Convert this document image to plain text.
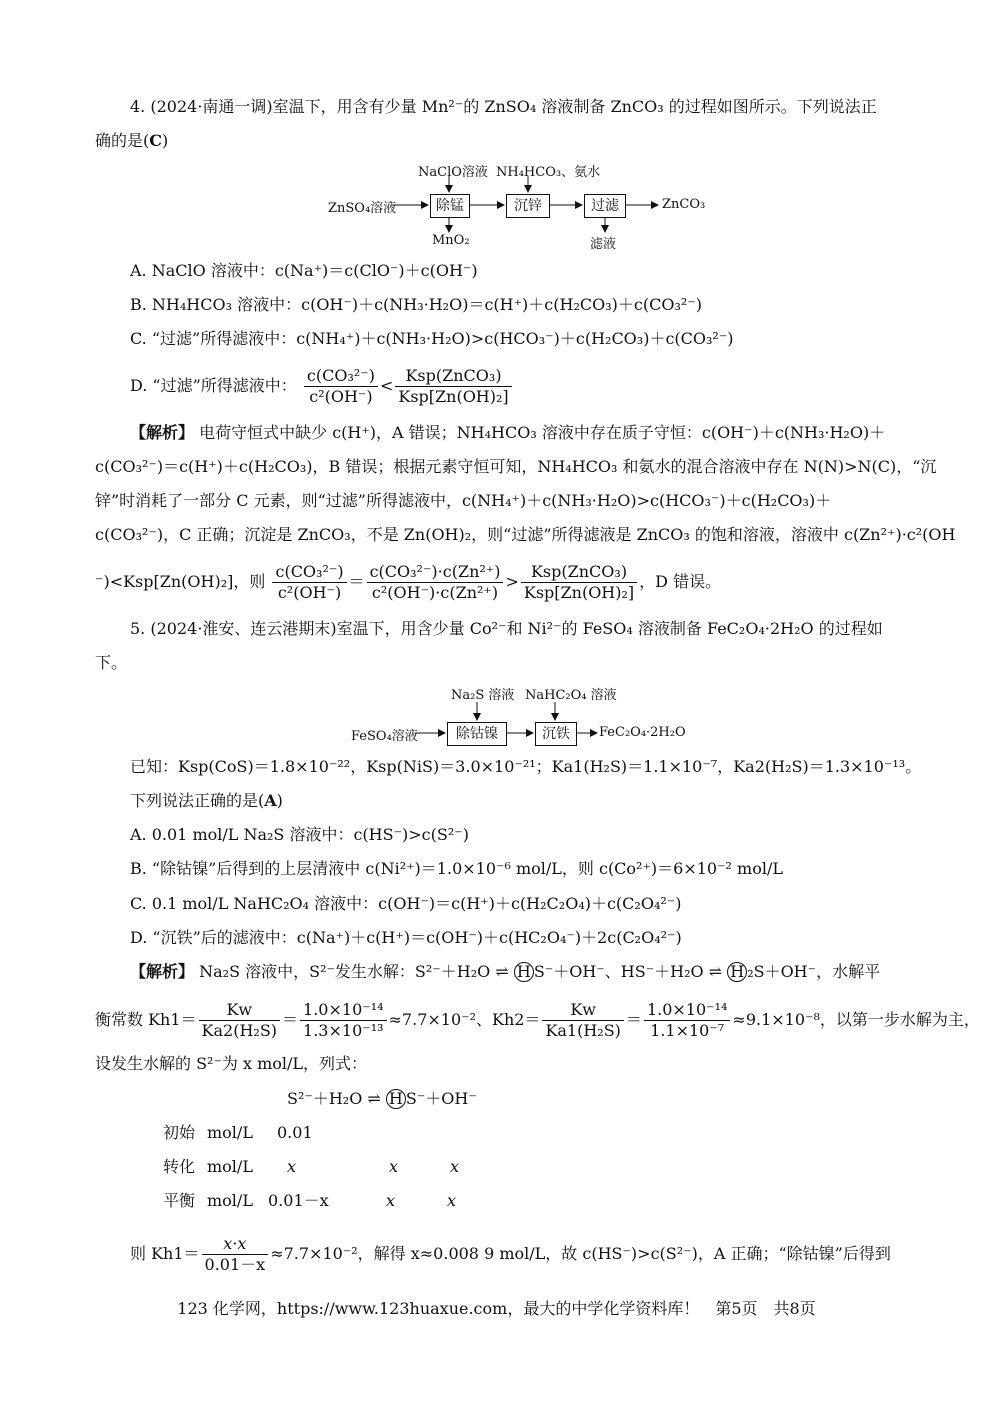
4. (2024·南通一调)室温下，用含有少量 Mn²⁻的 ZnSO₄ 溶液制备 ZnCO₃ 的过程如图所示。下列说法正
确的是(C)
ZnSO₄溶液
NaClO溶液 NH₄HCO₃、氨水
除锰	沉锌	过滤	ZnCO₃
MnO₂	滤液
A. NaClO 溶液中：c(Na⁺)＝c(ClO⁻)＋c(OH⁻)
B. NH₄HCO₃ 溶液中：c(OH⁻)＋c(NH₃·H₂O)＝c(H⁺)＋c(H₂CO₃)＋c(CO₃²⁻)
C. “过滤”所得滤液中：c(NH₄⁺)＋c(NH₃·H₂O)>c(HCO₃⁻)＋c(H₂CO₃)＋c(CO₃²⁻)
D. “过滤”所得滤液中： $\frac{\text{c(CO₃²⁻)}}{\text{c²(OH⁻)}} < \frac{\text{Ksp(ZnCO₃)}}{\text{Ksp[Zn(OH)₂]}}$
【解析】 电荷守恒式中缺少 c(H⁺)，A 错误；NH₄HCO₃ 溶液中存在质子守恒：c(OH⁻)＋c(NH₃·H₂O)＋
c(CO₃²⁻)＝c(H⁺)＋c(H₂CO₃)，B 错误；根据元素守恒可知，NH₄HCO₃ 和氨水的混合溶液中存在 N(N)>N(C)，“沉
锌”时消耗了一部分 C 元素，则“过滤”所得滤液中，c(NH₄⁺)＋c(NH₃·H₂O)>c(HCO₃⁻)＋c(H₂CO₃)＋
c(CO₃²⁻)，C 正确；沉淀是 ZnCO₃，不是 Zn(OH)₂，则“过滤”所得滤液是 ZnCO₃ 的饱和溶液，溶液中 c(Zn²⁺)·c²(OH
⁻)<Ksp[Zn(OH)₂]，则 $\frac{\text{c(CO₃²⁻)}}{\text{c²(OH⁻)}} = \frac{\text{c(CO₃²⁻)·c(Zn²⁺)}}{\text{c²(OH⁻)·c(Zn²⁺)}} > \frac{\text{Ksp(ZnCO₃)}}{\text{Ksp[Zn(OH)₂]}}$ ，D 错误。
5. (2024·淮安、连云港期末)室温下，用含少量 Co²⁻和 Ni²⁻的 FeSO₄ 溶液制备 FeC₂O₄·2H₂O 的过程如
下。
FeSO₄溶液
Na₂S 溶液 NaHC₂O₄ 溶液
除钴镍	沉铁	FeC₂O₄·2H₂O
已知：Ksp(CoS)＝1.8×10⁻²²，Ksp(NiS)＝3.0×10⁻²¹；Ka1(H₂S)＝1.1×10⁻⁷，Ka2(H₂S)＝1.3×10⁻¹³。
下列说法正确的是(A)
A. 0.01 mol/L Na₂S 溶液中：c(HS⁻)>c(S²⁻)
B. “除钴镍”后得到的上层清液中 c(Ni²⁺)＝1.0×10⁻⁶ mol/L，则 c(Co²⁺)＝6×10⁻² mol/L
C. 0.1 mol/L NaHC₂O₄ 溶液中：c(OH⁻)＝c(H⁺)＋c(H₂C₂O₄)＋c(C₂O₄²⁻)
D. “沉铁”后的滤液中：c(Na⁺)＋c(H⁺)＝c(OH⁻)＋c(HC₂O₄⁻)＋2c(C₂O₄²⁻)
【解析】 Na₂S 溶液中，S²⁻发生水解：S²⁻＋H₂O ⇌ H S⁻＋OH⁻、HS⁻＋H₂O ⇌ H ₂S＋OH⁻，水解平
衡常数 $Kh1= \frac{Kw}{\text{Ka2(H₂S)}} = \frac{\text{1.0×10⁻¹⁴}}{\text{1.3×10⁻¹³}} \approx 7.7\times 10^{-2}$、$Kh2= \frac{Kw}{\text{Ka1(H₂S)}} = \frac{\text{1.0×10⁻¹⁴}}{\text{1.1×10⁻⁷}} \approx 9.1\times 10^{-8}$，以第一步水解为主，
设发生水解的 S²⁻为 x mol/L，列式：
S²⁻＋H₂O ⇌ H S⁻＋OH⁻
初始 mol/L 0.01
转化 mol/L x	x	x
平衡 mol/L 0.01－x	x	x
则 $Kh1= \frac{x\cdot x}{0.01-x} \approx 7.7\times 10^{-2}$，解得 x≈0.008 9 mol/L，故 c(HS⁻)>c(S²⁻)，A 正确；“除钴镍”后得到
123 化学网，https://www.123huaxue.com，最大的中学化学资料库！　第5页　共8页
